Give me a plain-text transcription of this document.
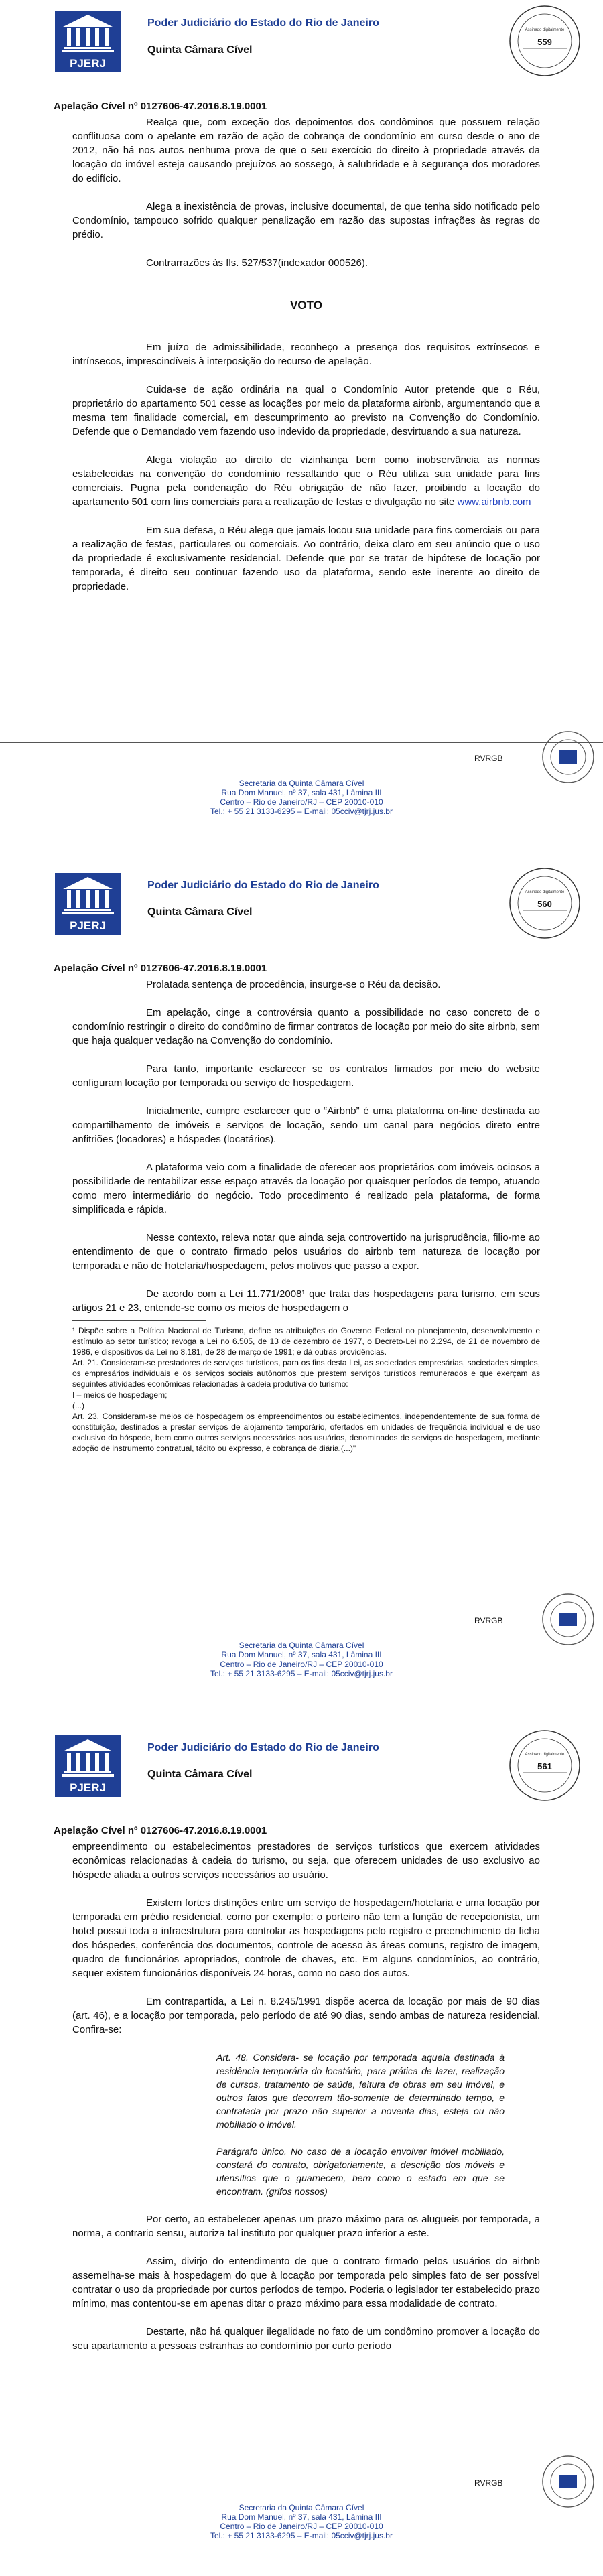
PJERJ
Poder Judiciário do Estado do Rio de Janeiro
Quinta Câmara Cível
Assinado digitalmente
559
Apelação Cível nº 0127606-47.2016.8.19.0001

Realça que, com exceção dos depoimentos dos condôminos que possuem relação conflituosa com o apelante em razão de ação de cobrança de condomínio em curso desde o ano de 2012, não há nos autos nenhuma prova de que o seu exercício do direito à propriedade através da locação do imóvel esteja causando prejuízos ao sossego, à salubridade e à segurança dos moradores do edifício.

Alega a inexistência de provas, inclusive documental, de que tenha sido notificado pelo Condomínio, tampouco sofrido qualquer penalização em razão das supostas infrações às regras do prédio.

Contrarrazões às fls. 527/537(indexador 000526).

VOTO

Em juízo de admissibilidade, reconheço a presença dos requisitos extrínsecos e intrínsecos, imprescindíveis à interposição do recurso de apelação.

Cuida-se de ação ordinária na qual o Condomínio Autor pretende que o Réu, proprietário do apartamento 501 cesse as locações por meio da plataforma airbnb, argumentando que a mesma tem finalidade comercial, em descumprimento ao previsto na Convenção do Condomínio. Defende que o Demandado vem fazendo uso indevido da propriedade, desvirtuando a sua natureza.

Alega violação ao direito de vizinhança bem como inobservância as normas estabelecidas na convenção do condomínio ressaltando que o Réu utiliza sua unidade para fins comerciais. Pugna pela condenação do Réu obrigação de não fazer, proibindo a locação do apartamento 501 com fins comerciais para a realização de festas e divulgação no site www.airbnb.com

Em sua defesa, o Réu alega que jamais locou sua unidade para fins comerciais ou para a realização de festas, particulares ou comerciais. Ao contrário, deixa claro em seu anúncio que o uso da propriedade é exclusivamente residencial. Defende que por se tratar de hipótese de locação por temporada, é direito seu continuar fazendo uso da plataforma, sendo este inerente ao direito de propriedade.

RVRGB
Secretaria da Quinta Câmara Cível
Rua Dom Manuel, nº 37, sala 431, Lâmina III
Centro – Rio de Janeiro/RJ – CEP 20010-010
Tel.: + 55 21 3133-6295 – E-mail: 05cciv@tjrj.jus.br
PJERJ
Poder Judiciário do Estado do Rio de Janeiro
Quinta Câmara Cível
Assinado digitalmente
560
Apelação Cível nº 0127606-47.2016.8.19.0001

Prolatada sentença de procedência, insurge-se o Réu da decisão.

Em apelação, cinge a controvérsia quanto a possibilidade no caso concreto de o condomínio restringir o direito do condômino de firmar contratos de locação por meio do site airbnb, sem que haja qualquer vedação na Convenção do condomínio.

Para tanto, importante esclarecer se os contratos firmados por meio do website configuram locação por temporada ou serviço de hospedagem.

Inicialmente, cumpre esclarecer que o “Airbnb” é uma plataforma on-line destinada ao compartilhamento de imóveis e serviços de locação, sendo um canal para negócios direto entre anfitriões (locadores) e hóspedes (locatários).

A plataforma veio com a finalidade de oferecer aos proprietários com imóveis ociosos a possibilidade de rentabilizar esse espaço através da locação por quaisquer períodos de tempo, atuando como mero intermediário do negócio. Todo procedimento é realizado pela plataforma, de forma simplificada e rápida.

Nesse contexto, releva notar que ainda seja controvertido na jurisprudência, filio-me ao entendimento de que o contrato firmado pelos usuários do airbnb tem natureza de locação por temporada e não de hotelaria/hospedagem, pelos motivos que passo a expor.

De acordo com a Lei 11.771/2008¹ que trata das hospedagens para turismo, em seus artigos 21 e 23, entende-se como os meios de hospedagem o

¹ Dispõe sobre a Política Nacional de Turismo, define as atribuições do Governo Federal no planejamento, desenvolvimento e estímulo ao setor turístico; revoga a Lei no 6.505, de 13 de dezembro de 1977, o Decreto-Lei no 2.294, de 21 de novembro de 1986, e dispositivos da Lei no 8.181, de 28 de março de 1991; e dá outras providências.

Art. 21. Consideram-se prestadores de serviços turísticos, para os fins desta Lei, as sociedades empresárias, sociedades simples, os empresários individuais e os serviços sociais autônomos que prestem serviços turísticos remunerados e que exerçam as seguintes atividades econômicas relacionadas à cadeia produtiva do turismo:

I – meios de hospedagem;

(...)

Art. 23. Consideram-se meios de hospedagem os empreendimentos ou estabelecimentos, independentemente de sua forma de constituição, destinados a prestar serviços de alojamento temporário, ofertados em unidades de frequência individual e de uso exclusivo do hóspede, bem como outros serviços necessários aos usuários, denominados de serviços de hospedagem, mediante adoção de instrumento contratual, tácito ou expresso, e cobrança de diária.(...)"

RVRGB
Secretaria da Quinta Câmara Cível
Rua Dom Manuel, nº 37, sala 431, Lâmina III
Centro – Rio de Janeiro/RJ – CEP 20010-010
Tel.: + 55 21 3133-6295 – E-mail: 05cciv@tjrj.jus.br
PJERJ
Poder Judiciário do Estado do Rio de Janeiro
Quinta Câmara Cível
Assinado digitalmente
561
Apelação Cível nº 0127606-47.2016.8.19.0001

empreendimento ou estabelecimentos prestadores de serviços turísticos que exercem atividades econômicas relacionadas à cadeia do turismo, ou seja, que oferecem unidades de uso exclusivo ao hóspede aliada a outros serviços necessários ao usuário.

Existem fortes distinções entre um serviço de hospedagem/hotelaria e uma locação por temporada em prédio residencial, como por exemplo: o porteiro não tem a função de recepcionista, um hotel possui toda a infraestrutura para controlar as hospedagens pelo registro e preenchimento da ficha dos hóspedes, conferência dos documentos, controle de acesso às áreas comuns, registro de imagem, quadro de funcionários apropriados, controle de chaves, etc. Em alguns condomínios, ao contrário, sequer existem funcionários disponíveis 24 horas, como no caso dos autos.

Em contrapartida, a Lei n. 8.245/1991 dispõe acerca da locação por mais de 90 dias (art. 46), e a locação por temporada, pelo período de até 90 dias, sendo ambas de natureza residencial. Confira-se:

Art. 48. Considera- se locação por temporada aquela destinada à residência temporária do locatário, para prática de lazer, realização de cursos, tratamento de saúde, feitura de obras em seu imóvel, e outros fatos que decorrem tão-somente de determinado tempo, e contratada por prazo não superior a noventa dias, esteja ou não mobiliado o imóvel.

Parágrafo único. No caso de a locação envolver imóvel mobiliado, constará do contrato, obrigatoriamente, a descrição dos móveis e utensílios que o guarnecem, bem como o estado em que se encontram. (grifos nossos)

Por certo, ao estabelecer apenas um prazo máximo para os alugueis por temporada, a norma, a contrario sensu, autoriza tal instituto por qualquer prazo inferior a este.

Assim, divirjo do entendimento de que o contrato firmado pelos usuários do airbnb assemelha-se mais à hospedagem do que à locação por temporada pelo simples fato de ser possível contratar o uso da propriedade por curtos períodos de tempo. Poderia o legislador ter estabelecido prazo mínimo, mas contentou-se em apenas ditar o prazo máximo para essa modalidade de contrato.

Destarte, não há qualquer ilegalidade no fato de um condômino promover a locação do seu apartamento a pessoas estranhas ao condomínio por curto período

RVRGB
Secretaria da Quinta Câmara Cível
Rua Dom Manuel, nº 37, sala 431, Lâmina III
Centro – Rio de Janeiro/RJ – CEP 20010-010
Tel.: + 55 21 3133-6295 – E-mail: 05cciv@tjrj.jus.br
